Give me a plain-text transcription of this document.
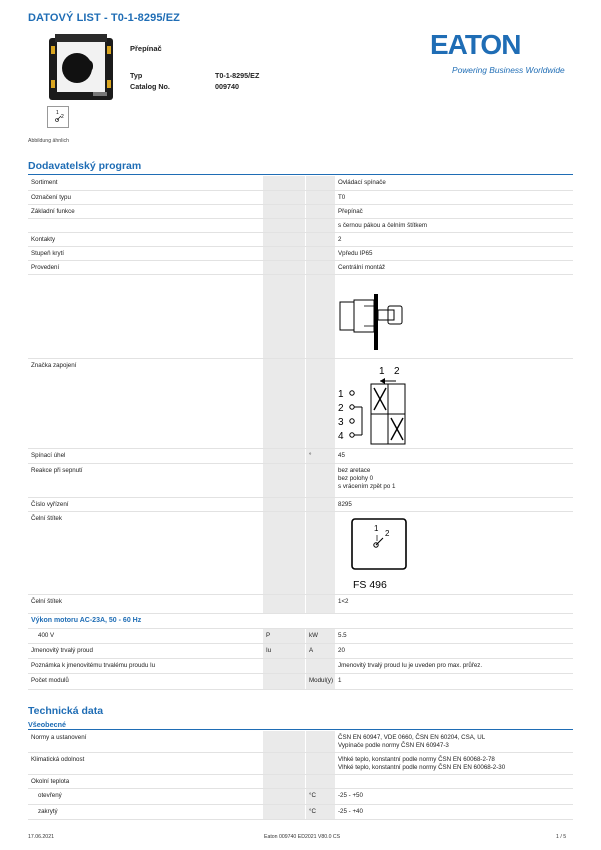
DATOVÝ LIST - T0-1-8295/EZ
1
2
Abbildung ähnlich
Přepínač
Typ	T0-1-8295/EZ
Catalog No.	009740
EATON
Powering Business Worldwide
Dodavatelský program
Sortiment	Ovládací spínače
Označení typu	T0
Základní funkce	Přepínač
s černou pákou a čelním štítkem
Kontakty	2
Stupeň krytí	Vpředu IP65
Provedení	Centrální montáž
Značka zapojení
Spínací úhel	°	45
Reakce při sepnutí	bez aretace
bez polohy 0
s vrácením zpět po 1
Číslo vyřízení	8295
Čelní štítek
Čelní štítek	1<2
1 2
1
2
3
4
1
2
FS 496
Výkon motoru AC-23A, 50 - 60 Hz
400 V	P	kW	5.5
Jmenovitý trvalý proud	Iu	A	20
Poznámka k jmenovitému trvalému proudu Iu	Jmenovitý trvalý proud Iu je uveden pro max. průřez.
Počet modulů	Modul(y) 1
Technická data
Všeobecné
Normy a ustanovení	ČSN EN 60947, VDE 0660, ČSN EN 60204, CSA, UL
Vypínače podle normy ČSN EN 60947-3
Klimatická odolnost	Vlhké teplo, konstantní podle normy ČSN EN 60068-2-78
Vlhké teplo, konstantní podle normy ČSN EN EN 60068-2-30
Okolní teplota
otevřený	°C	-25 - +50
zakrytý	°C	-25 - +40
17.06.2021	Eaton 009740 ED2021 V80.0 CS	1 / 5
